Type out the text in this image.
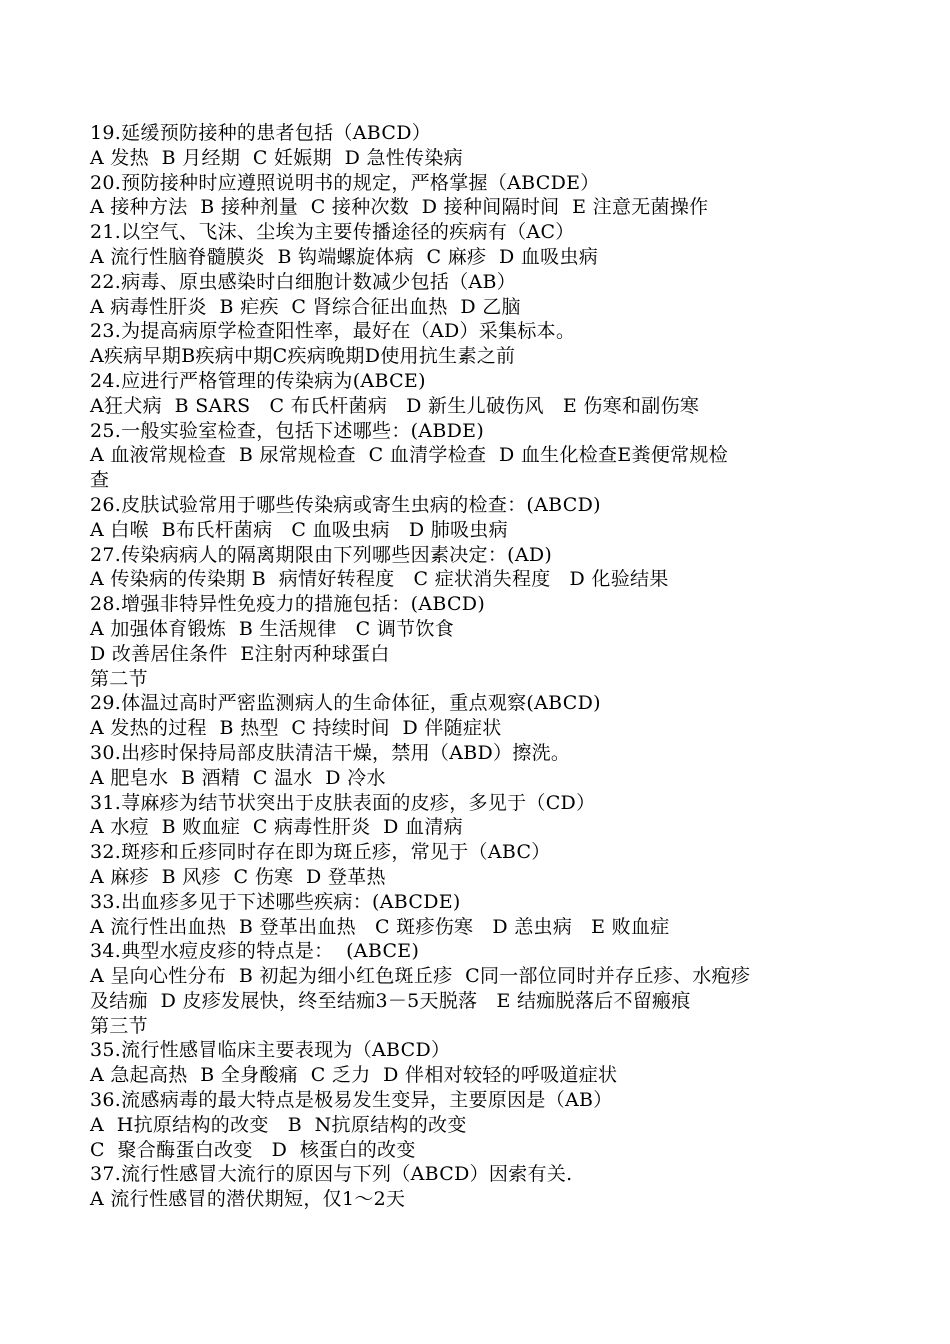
19.延缓预防接种的患者包括（ABCD）
A 发热  B 月经期  C 妊娠期  D 急性传染病
20.预防接种时应遵照说明书的规定，严格掌握（ABCDE）
A 接种方法  B 接种剂量  C 接种次数  D 接种间隔时间  E 注意无菌操作
21.以空气、飞沫、尘埃为主要传播途径的疾病有（AC）
A 流行性脑脊髓膜炎  B 钩端螺旋体病  C 麻疹  D 血吸虫病
22.病毒、原虫感染时白细胞计数减少包括（AB）
A 病毒性肝炎  B 疟疾  C 肾综合征出血热  D 乙脑
23.为提高病原学检查阳性率，最好在（AD）采集标本。
A疾病早期B疾病中期C疾病晚期D使用抗生素之前
24.应进行严格管理的传染病为(ABCE)
A狂犬病  B SARS   C 布氏杆菌病   D 新生儿破伤风   E 伤寒和副伤寒
25.一般实验室检查，包括下述哪些：(ABDE)
A 血液常规检查  B 尿常规检查  C 血清学检查  D 血生化检查E粪便常规检
查
26.皮肤试验常用于哪些传染病或寄生虫病的检查：(ABCD)
A 白喉  B布氏杆菌病   C 血吸虫病   D 肺吸虫病
27.传染病病人的隔离期限由下列哪些因素决定：(AD)
A 传染病的传染期 B  病情好转程度   C 症状消失程度   D 化验结果
28.增强非特异性免疫力的措施包括：(ABCD)
A 加强体育锻炼  B 生活规律   C 调节饮食
D 改善居住条件  E注射丙种球蛋白
第二节
29.体温过高时严密监测病人的生命体征，重点观察(ABCD)
A 发热的过程  B 热型  C 持续时间  D 伴随症状
30.出疹时保持局部皮肤清洁干燥，禁用（ABD）擦洗。
A 肥皂水  B 酒精  C 温水  D 冷水
31.荨麻疹为结节状突出于皮肤表面的皮疹，多见于（CD）
A 水痘  B 败血症  C 病毒性肝炎  D 血清病
32.斑疹和丘疹同时存在即为斑丘疹，常见于（ABC）
A 麻疹  B 风疹  C 伤寒  D 登革热
33.出血疹多见于下述哪些疾病：(ABCDE)
A 流行性出血热  B 登革出血热   C 斑疹伤寒   D 恙虫病   E 败血症
34.典型水痘皮疹的特点是：  (ABCE)
A 呈向心性分布  B 初起为细小红色斑丘疹  C同一部位同时并存丘疹、水疱疹
及结痂  D 皮疹发展快，终至结痂3－5天脱落   E 结痂脱落后不留瘢痕
第三节
35.流行性感冒临床主要表现为（ABCD）
A 急起高热  B 全身酸痛  C 乏力  D 伴相对较轻的呼吸道症状
36.流感病毒的最大特点是极易发生变异，主要原因是（AB）
A  H抗原结构的改变   B  N抗原结构的改变
C  聚合酶蛋白改变   D  核蛋白的改变
37.流行性感冒大流行的原因与下列（ABCD）因索有关.
A 流行性感冒的潜伏期短，仅1～2天
